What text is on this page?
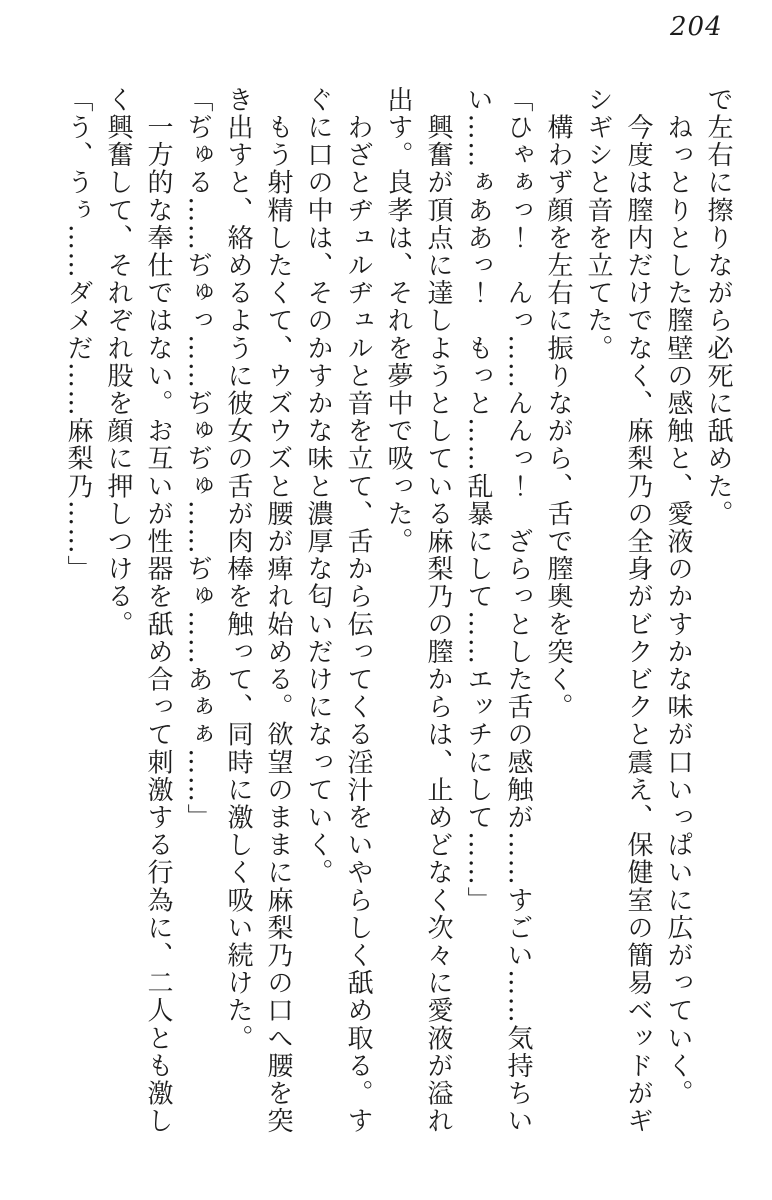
204

で左右に擦りながら必死に舐めた。

　ねっとりとした膣壁の感触と、愛液のかすかな味が口いっぱいに広がっていく。

　今度は膣内だけでなく、麻梨乃の全身がビクビクと震え、保健室の簡易ベッドがギ

シギシと音を立てた。

　構わず顔を左右に振りながら、舌で膣奥を突く。

「ひゃぁっ！　んっ……んんっ！　ざらっとした舌の感触が……すごい……気持ちい

い……ぁああっ！　もっと……乱暴にして……エッチにして……」

　興奮が頂点に達しようとしている麻梨乃の膣からは、止めどなく次々に愛液が溢れ

出す。良孝は、それを夢中で吸った。

　わざとヂュルヂュルと音を立て、舌から伝ってくる淫汁をいやらしく舐め取る。す

ぐに口の中は、そのかすかな味と濃厚な匂いだけになっていく。

　もう射精したくて、ウズウズと腰が痺れ始める。欲望のままに麻梨乃の口へ腰を突

き出すと、絡めるように彼女の舌が肉棒を触って、同時に激しく吸い続けた。

「ぢゅる……ぢゅっ……ぢゅぢゅ……ぢゅ……あぁぁ……」

　一方的な奉仕ではない。お互いが性器を舐め合って刺激する行為に、二人とも激し

く興奮して、それぞれ股を顔に押しつける。

「う、うぅ……ダメだ……麻梨乃……」
